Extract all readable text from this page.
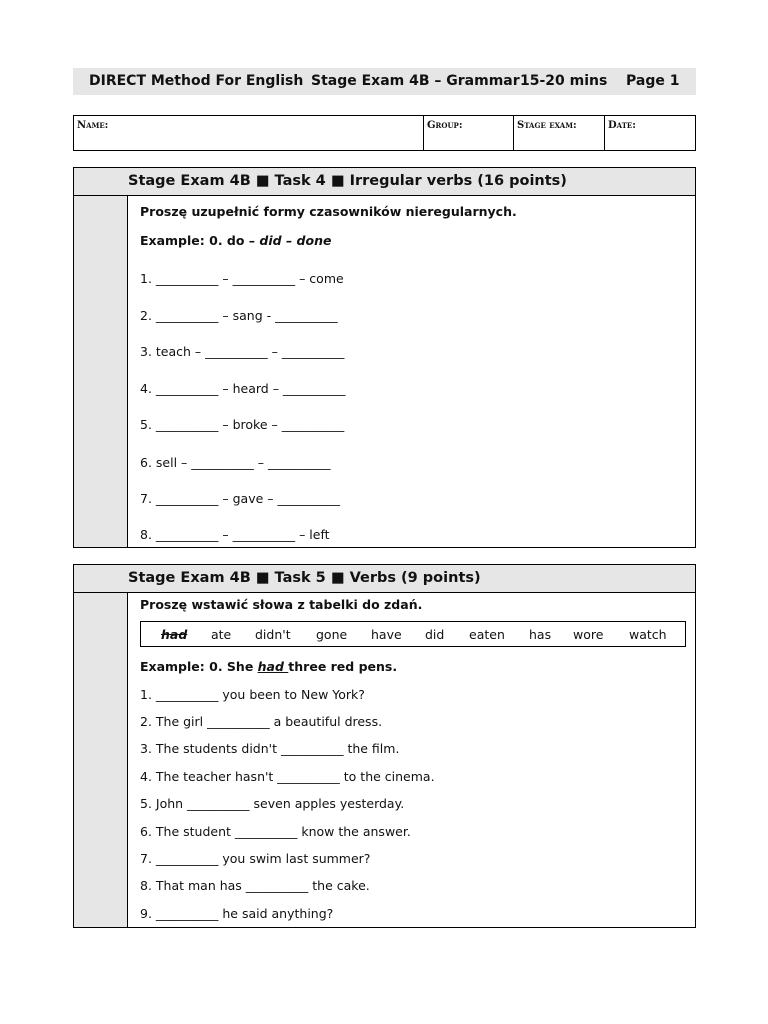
DIRECT Method For English Stage Exam 4B – Grammar 15-20 mins Page 1
Name:	Group:	Stage exam:	Date:
Stage Exam 4B ■ Task 4 ■ Irregular verbs (16 points)
Proszę uzupełnić formy czasowników nieregularnych.
Example: 0. do – did – done
1. __________ – __________ – come
2. __________ – sang - __________
3. teach – __________ – __________
4. __________ – heard – __________
5. __________ – broke – __________
6. sell – __________ – __________
7. __________ – gave – __________
8. __________ – __________ – left
Stage Exam 4B ■ Task 5 ■ Verbs (9 points)
Proszę wstawić słowa z tabelki do zdań.
had ate didn't gone have did eaten has wore watch
Example: 0. She had three red pens.
1. __________ you been to New York?
2. The girl __________ a beautiful dress.
3. The students didn't __________ the film.
4. The teacher hasn't __________ to the cinema.
5. John __________ seven apples yesterday.
6. The student __________ know the answer.
7. __________ you swim last summer?
8. That man has __________ the cake.
9. __________ he said anything?
